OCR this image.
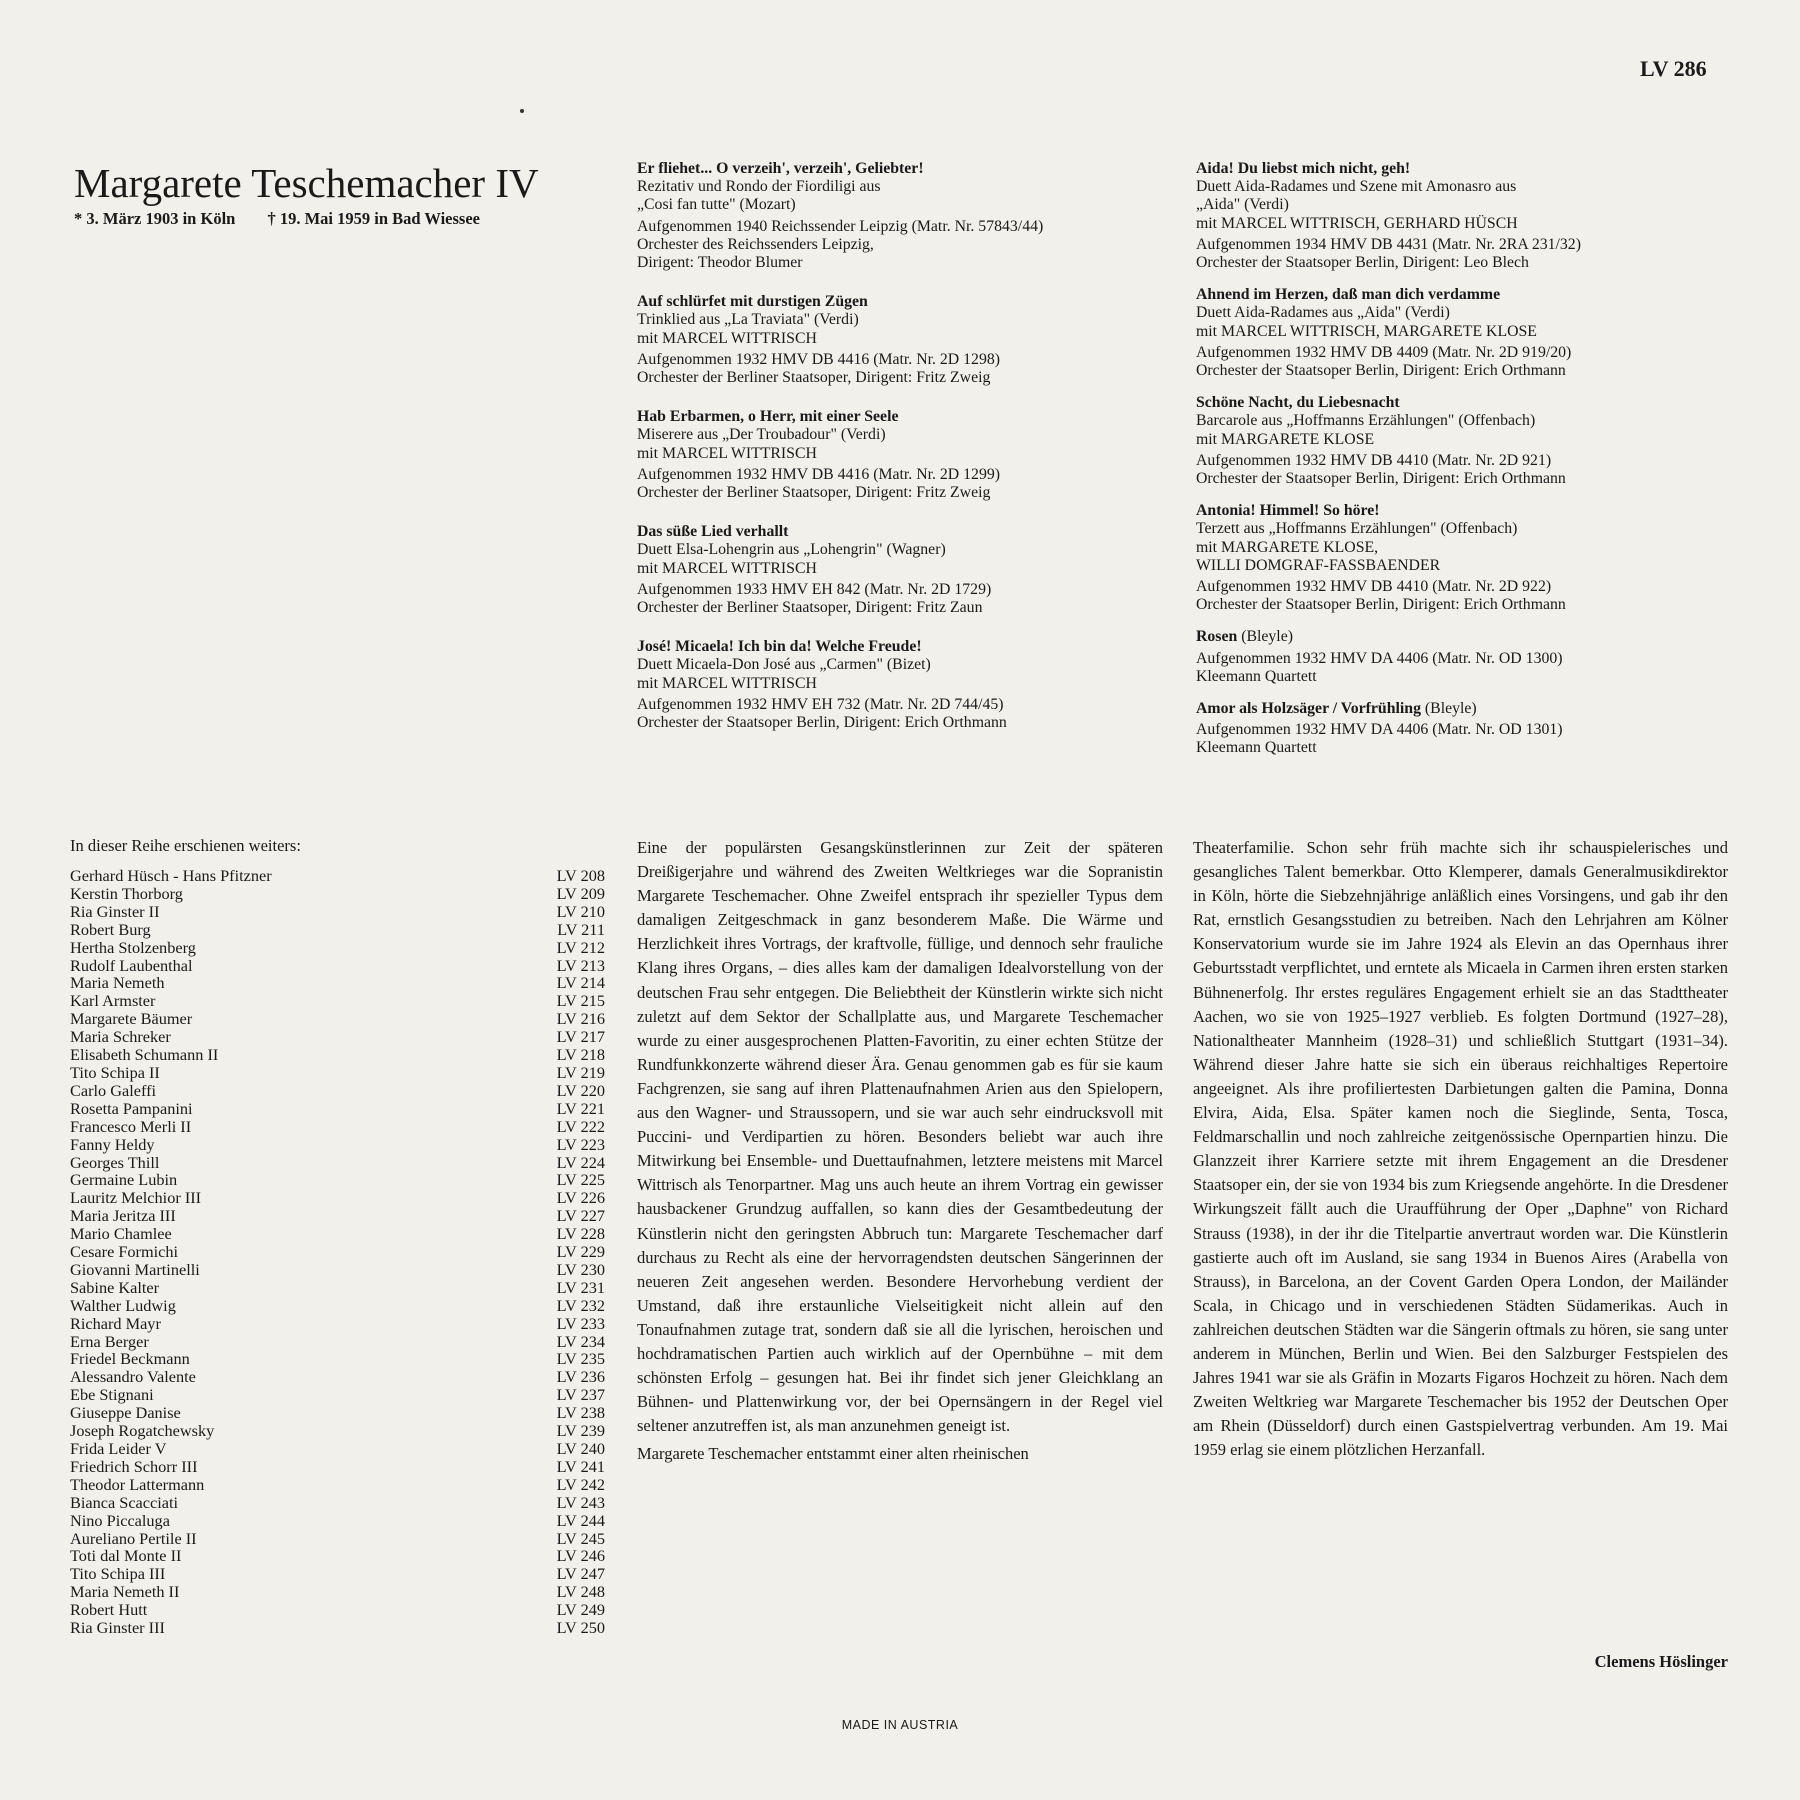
LV 286
Margarete Teschemacher IV
* 3. März 1903 in Köln † 19. Mai 1959 in Bad Wiessee
Er fliehet... O verzeih', verzeih', Geliebter!
Rezitativ und Rondo der Fiordiligi aus
„Cosi fan tutte" (Mozart)
Aufgenommen 1940 Reichssender Leipzig (Matr. Nr. 57843/44)
Orchester des Reichssenders Leipzig,
Dirigent: Theodor Blumer
Auf schlürfet mit durstigen Zügen
Trinklied aus „La Traviata" (Verdi)
mit MARCEL WITTRISCH
Aufgenommen 1932 HMV DB 4416 (Matr. Nr. 2D 1298)
Orchester der Berliner Staatsoper, Dirigent: Fritz Zweig
Hab Erbarmen, o Herr, mit einer Seele
Miserere aus „Der Troubadour" (Verdi)
mit MARCEL WITTRISCH
Aufgenommen 1932 HMV DB 4416 (Matr. Nr. 2D 1299)
Orchester der Berliner Staatsoper, Dirigent: Fritz Zweig
Das süße Lied verhallt
Duett Elsa-Lohengrin aus „Lohengrin" (Wagner)
mit MARCEL WITTRISCH
Aufgenommen 1933 HMV EH 842 (Matr. Nr. 2D 1729)
Orchester der Berliner Staatsoper, Dirigent: Fritz Zaun
José! Micaela! Ich bin da! Welche Freude!
Duett Micaela-Don José aus „Carmen" (Bizet)
mit MARCEL WITTRISCH
Aufgenommen 1932 HMV EH 732 (Matr. Nr. 2D 744/45)
Orchester der Staatsoper Berlin, Dirigent: Erich Orthmann
Aida! Du liebst mich nicht, geh!
Duett Aida-Radames und Szene mit Amonasro aus
„Aida" (Verdi)
mit MARCEL WITTRISCH, GERHARD HÜSCH
Aufgenommen 1934 HMV DB 4431 (Matr. Nr. 2RA 231/32)
Orchester der Staatsoper Berlin, Dirigent: Leo Blech
Ahnend im Herzen, daß man dich verdamme
Duett Aida-Radames aus „Aida" (Verdi)
mit MARCEL WITTRISCH, MARGARETE KLOSE
Aufgenommen 1932 HMV DB 4409 (Matr. Nr. 2D 919/20)
Orchester der Staatsoper Berlin, Dirigent: Erich Orthmann
Schöne Nacht, du Liebesnacht
Barcarole aus „Hoffmanns Erzählungen" (Offenbach)
mit MARGARETE KLOSE
Aufgenommen 1932 HMV DB 4410 (Matr. Nr. 2D 921)
Orchester der Staatsoper Berlin, Dirigent: Erich Orthmann
Antonia! Himmel! So höre!
Terzett aus „Hoffmanns Erzählungen" (Offenbach)
mit MARGARETE KLOSE,
WILLI DOMGRAF-FASSBAENDER
Aufgenommen 1932 HMV DB 4410 (Matr. Nr. 2D 922)
Orchester der Staatsoper Berlin, Dirigent: Erich Orthmann
Rosen (Bleyle)
Aufgenommen 1932 HMV DA 4406 (Matr. Nr. OD 1300)
Kleemann Quartett
Amor als Holzsäger / Vorfrühling (Bleyle)
Aufgenommen 1932 HMV DA 4406 (Matr. Nr. OD 1301)
Kleemann Quartett
In dieser Reihe erschienen weiters:
Gerhard Hüsch - Hans Pfitzner	LV 208
Kerstin Thorborg	LV 209
Ria Ginster II	LV 210
Robert Burg	LV 211
Hertha Stolzenberg	LV 212
Rudolf Laubenthal	LV 213
Maria Nemeth	LV 214
Karl Armster	LV 215
Margarete Bäumer	LV 216
Maria Schreker	LV 217
Elisabeth Schumann II	LV 218
Tito Schipa II	LV 219
Carlo Galeffi	LV 220
Rosetta Pampanini	LV 221
Francesco Merli II	LV 222
Fanny Heldy	LV 223
Georges Thill	LV 224
Germaine Lubin	LV 225
Lauritz Melchior III	LV 226
Maria Jeritza III	LV 227
Mario Chamlee	LV 228
Cesare Formichi	LV 229
Giovanni Martinelli	LV 230
Sabine Kalter	LV 231
Walther Ludwig	LV 232
Richard Mayr	LV 233
Erna Berger	LV 234
Friedel Beckmann	LV 235
Alessandro Valente	LV 236
Ebe Stignani	LV 237
Giuseppe Danise	LV 238
Joseph Rogatchewsky	LV 239
Frida Leider V	LV 240
Friedrich Schorr III	LV 241
Theodor Lattermann	LV 242
Bianca Scacciati	LV 243
Nino Piccaluga	LV 244
Aureliano Pertile II	LV 245
Toti dal Monte II	LV 246
Tito Schipa III	LV 247
Maria Nemeth II	LV 248
Robert Hutt	LV 249
Ria Ginster III	LV 250

Eine der populärsten Gesangskünstlerinnen zur Zeit der späteren Dreißigerjahre und während des Zweiten Weltkrieges war die Sopranistin Margarete Teschemacher. Ohne Zweifel entsprach ihr spezieller Typus dem damaligen Zeitgeschmack in ganz besonderem Maße. Die Wärme und Herzlichkeit ihres Vortrags, der kraftvolle, füllige, und dennoch sehr frauliche Klang ihres Organs, – dies alles kam der damaligen Idealvorstellung von der deutschen Frau sehr entgegen. Die Beliebtheit der Künstlerin wirkte sich nicht zuletzt auf dem Sektor der Schallplatte aus, und Margarete Teschemacher wurde zu einer ausgesprochenen Platten-Favoritin, zu einer echten Stütze der Rundfunkkonzerte während dieser Ära. Genau genommen gab es für sie kaum Fachgrenzen, sie sang auf ihren Plattenaufnahmen Arien aus den Spielopern, aus den Wagner- und Straussopern, und sie war auch sehr eindrucksvoll mit Puccini- und Verdipartien zu hören. Besonders beliebt war auch ihre Mitwirkung bei Ensemble- und Duettaufnahmen, letztere meistens mit Marcel Wittrisch als Tenorpartner. Mag uns auch heute an ihrem Vortrag ein gewisser hausbackener Grundzug auffallen, so kann dies der Gesamtbedeutung der Künstlerin nicht den geringsten Abbruch tun: Margarete Teschemacher darf durchaus zu Recht als eine der hervorragendsten deutschen Sängerinnen der neueren Zeit angesehen werden. Besondere Hervorhebung verdient der Umstand, daß ihre erstaunliche Vielseitigkeit nicht allein auf den Tonaufnahmen zutage trat, sondern daß sie all die lyrischen, heroischen und hochdramatischen Partien auch wirklich auf der Opernbühne – mit dem schönsten Erfolg – gesungen hat. Bei ihr findet sich jener Gleichklang an Bühnen- und Plattenwirkung vor, der bei Opernsängern in der Regel viel seltener anzutreffen ist, als man anzunehmen geneigt ist.

Margarete Teschemacher entstammt einer alten rheinischen

Theaterfamilie. Schon sehr früh machte sich ihr schauspielerisches und gesangliches Talent bemerkbar. Otto Klemperer, damals Generalmusikdirektor in Köln, hörte die Siebzehnjährige anläßlich eines Vorsingens, und gab ihr den Rat, ernstlich Gesangsstudien zu betreiben. Nach den Lehrjahren am Kölner Konservatorium wurde sie im Jahre 1924 als Elevin an das Opernhaus ihrer Geburtsstadt verpflichtet, und erntete als Micaela in Carmen ihren ersten starken Bühnenerfolg. Ihr erstes reguläres Engagement erhielt sie an das Stadttheater Aachen, wo sie von 1925–1927 verblieb. Es folgten Dortmund (1927–28), Nationaltheater Mannheim (1928–31) und schließlich Stuttgart (1931–34). Während dieser Jahre hatte sie sich ein überaus reichhaltiges Repertoire angeeignet. Als ihre profiliertesten Darbietungen galten die Pamina, Donna Elvira, Aida, Elsa. Später kamen noch die Sieglinde, Senta, Tosca, Feldmarschallin und noch zahlreiche zeitgenössische Opernpartien hinzu. Die Glanzzeit ihrer Karriere setzte mit ihrem Engagement an die Dresdener Staatsoper ein, der sie von 1934 bis zum Kriegsende angehörte. In die Dresdener Wirkungszeit fällt auch die Uraufführung der Oper „Daphne" von Richard Strauss (1938), in der ihr die Titelpartie anvertraut worden war. Die Künstlerin gastierte auch oft im Ausland, sie sang 1934 in Buenos Aires (Arabella von Strauss), in Barcelona, an der Covent Garden Opera London, der Mailänder Scala, in Chicago und in verschiedenen Städten Südamerikas. Auch in zahlreichen deutschen Städten war die Sängerin oftmals zu hören, sie sang unter anderem in München, Berlin und Wien. Bei den Salzburger Festspielen des Jahres 1941 war sie als Gräfin in Mozarts Figaros Hochzeit zu hören. Nach dem Zweiten Weltkrieg war Margarete Teschemacher bis 1952 der Deutschen Oper am Rhein (Düsseldorf) durch einen Gastspielvertrag verbunden. Am 19. Mai 1959 erlag sie einem plötzlichen Herzanfall.

Clemens Höslinger
MADE IN AUSTRIA
